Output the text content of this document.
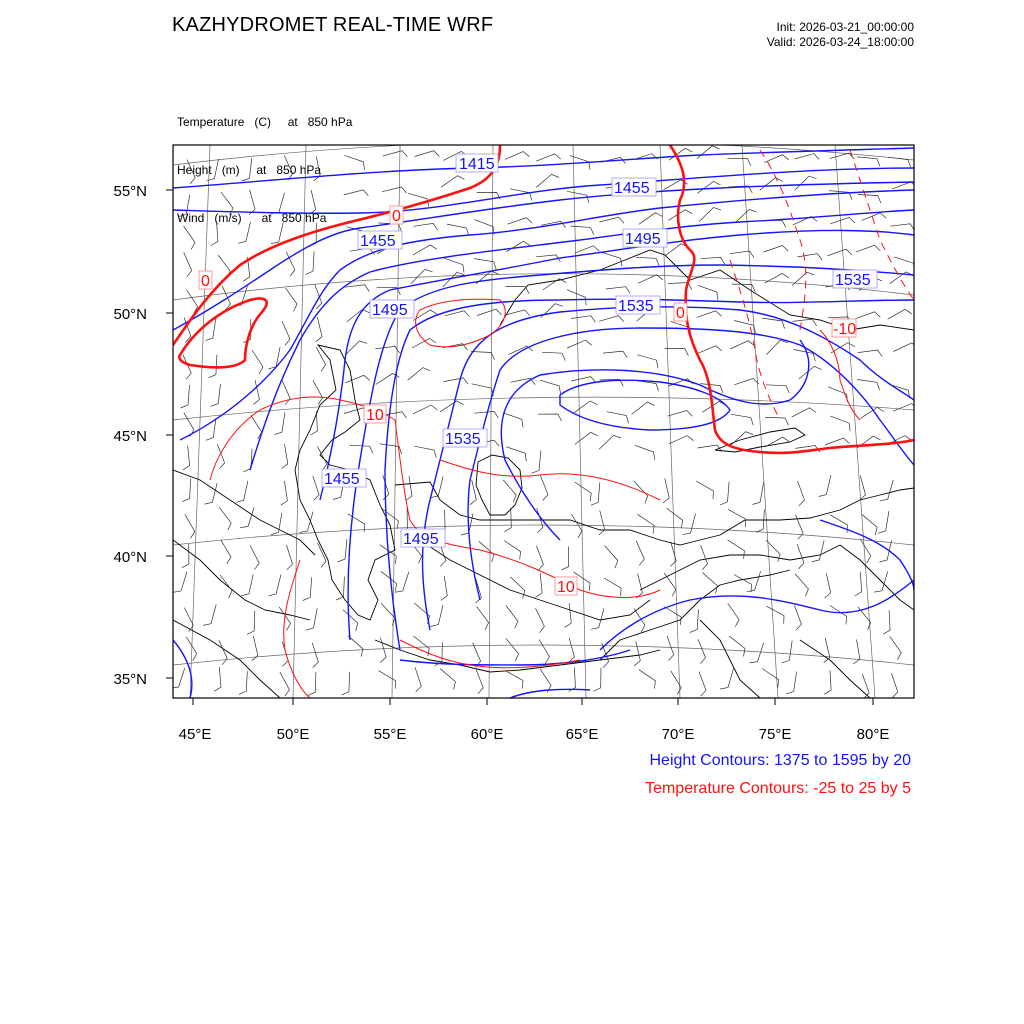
KAZHYDROMET REAL-TIME WRF	Init: 2026-03-21_00:00:00
Valid: 2026-03-24_18:00:00

Temperature   (C)     at   850 hPa

Height   (m)     at   850 hPa

Wind   (m/s)      at   850 hPa

1415
1455
1455
1455
1495
1495
1495
1535
1535
1535
0
0
0
10
10
-10
55°N
50°N
45°N
40°N
35°N
45°E	50°E	55°E	60°E	65°E	70°E	75°E	80°E
Height Contours: 1375 to 1595 by 20
Temperature Contours: -25 to 25 by 5
